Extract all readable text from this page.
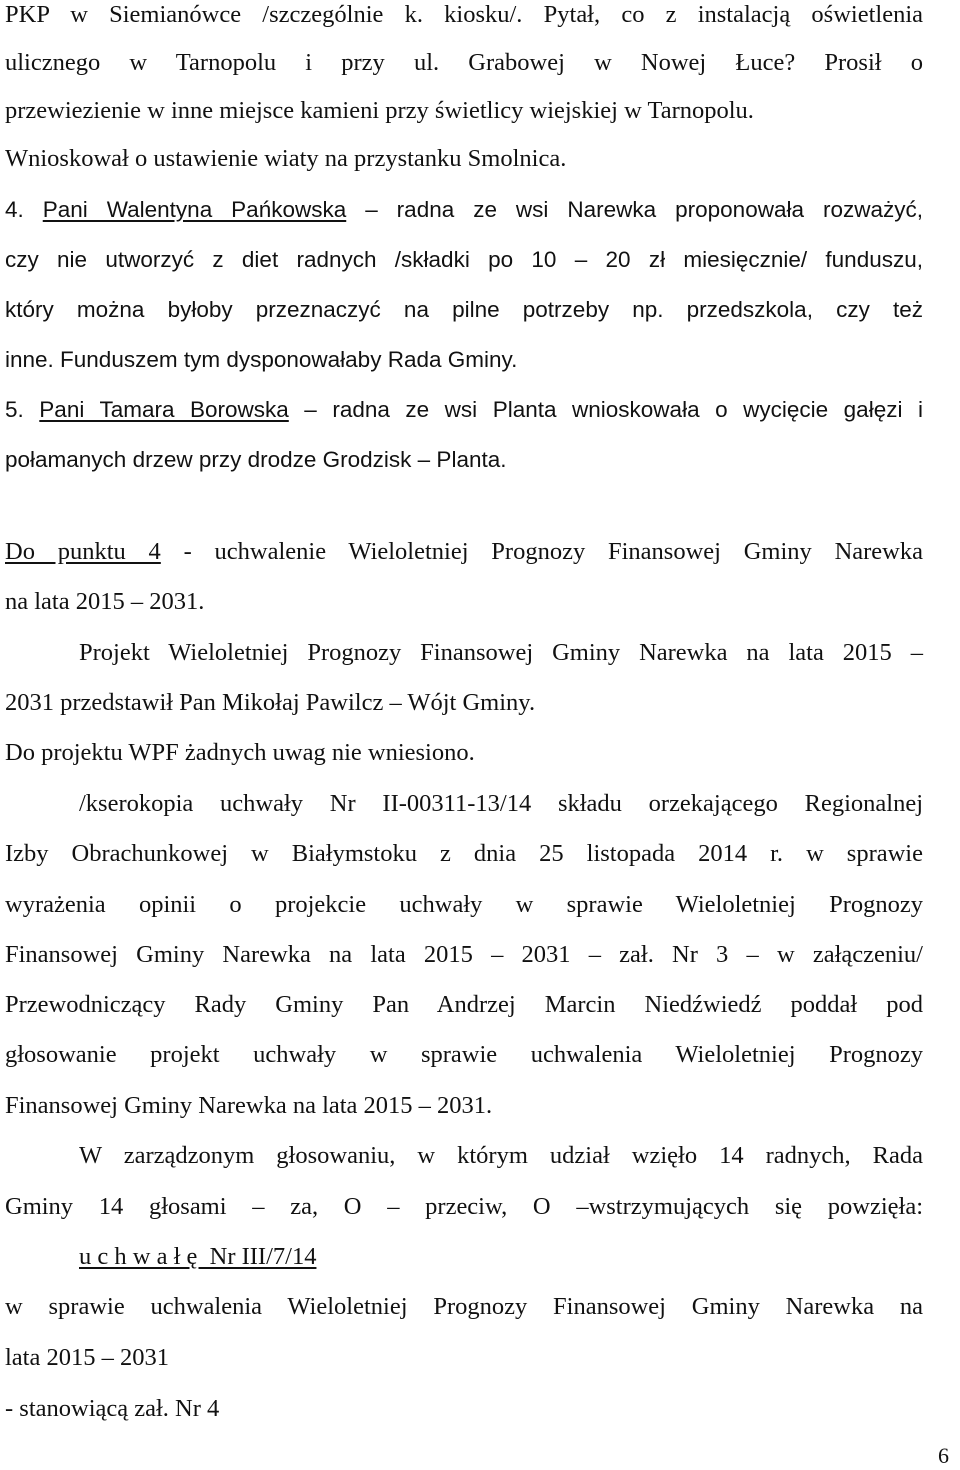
PKP w Siemianówce /szczególnie k. kiosku/. Pytał, co z instalacją oświetlenia
ulicznego w Tarnopolu i przy ul. Grabowej w Nowej Łuce? Prosił o
przewiezienie w inne miejsce kamieni przy świetlicy wiejskiej w Tarnopolu.
Wnioskował o ustawienie wiaty na przystanku Smolnica.
4. Pani Walentyna Pańkowska – radna ze wsi Narewka proponowała rozważyć,
czy nie utworzyć z diet radnych /składki po 10 – 20 zł miesięcznie/ funduszu,
który można byłoby przeznaczyć na pilne potrzeby np. przedszkola, czy też
inne. Funduszem tym dysponowałaby Rada Gminy.
5. Pani Tamara Borowska – radna ze wsi Planta wnioskowała o wycięcie gałęzi i
połamanych drzew przy drodze Grodzisk – Planta.
Do punktu 4 - uchwalenie Wieloletniej Prognozy Finansowej Gminy Narewka
na lata 2015 – 2031.
Projekt Wieloletniej Prognozy Finansowej Gminy Narewka na lata 2015 –
2031 przedstawił Pan Mikołaj Pawilcz – Wójt Gminy.
Do projektu WPF żadnych uwag nie wniesiono.
/kserokopia uchwały Nr II-00311-13/14 składu orzekającego Regionalnej
Izby Obrachunkowej w Białymstoku z dnia 25 listopada 2014 r. w sprawie
wyrażenia opinii o projekcie uchwały w sprawie Wieloletniej Prognozy
Finansowej Gminy Narewka na lata 2015 – 2031 – zał. Nr 3 – w załączeniu/
Przewodniczący Rady Gminy Pan Andrzej Marcin Niedźwiedź poddał pod
głosowanie projekt uchwały w sprawie uchwalenia Wieloletniej Prognozy
Finansowej Gminy Narewka na lata 2015 – 2031.
W zarządzonym głosowaniu, w którym udział wzięło 14 radnych, Rada
Gminy 14 głosami – za, O – przeciw, O –wstrzymujących się powzięła:
u c h w a ł ę  Nr III/7/14
w sprawie uchwalenia Wieloletniej Prognozy Finansowej Gminy Narewka na
lata 2015 – 2031
- stanowiącą zał. Nr 4
6
